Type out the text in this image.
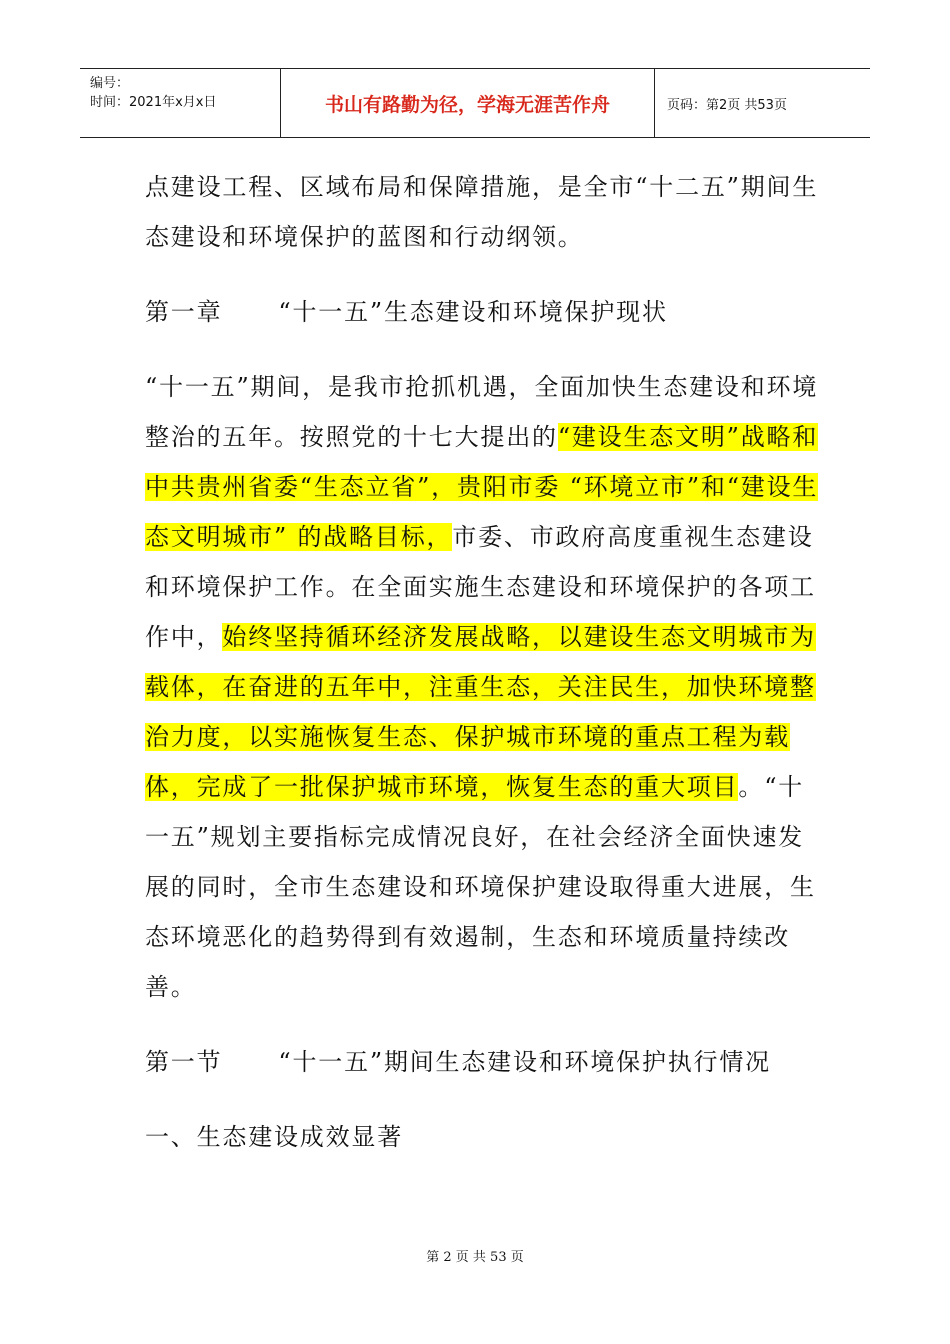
编号：
时间：2021年x月x日	书山有路勤为径，学海无涯苦作舟	页码：第2页 共53页

点建设工程、区域布局和保障措施，是全市“十二五”期间生态建设和环境保护的蓝图和行动纲领。

第一章 “十一五”生态建设和环境保护现状

“十一五”期间，是我市抢抓机遇，全面加快生态建设和环境整治的五年。按照党的十七大提出的“建设生态文明”战略和中共贵州省委“生态立省”，贵阳市委 “环境立市”和“建设生态文明城市” 的战略目标，市委、市政府高度重视生态建设和环境保护工作。在全面实施生态建设和环境保护的各项工作中，始终坚持循环经济发展战略，以建设生态文明城市为载体，在奋进的五年中，注重生态，关注民生，加快环境整治力度，以实施恢复生态、保护城市环境的重点工程为载体，完成了一批保护城市环境，恢复生态的重大项目。“十一五”规划主要指标完成情况良好，在社会经济全面快速发展的同时，全市生态建设和环境保护建设取得重大进展，生态环境恶化的趋势得到有效遏制，生态和环境质量持续改善。

第一节 “十一五”期间生态建设和环境保护执行情况

一、生态建设成效显著

第 2 页 共 53 页
